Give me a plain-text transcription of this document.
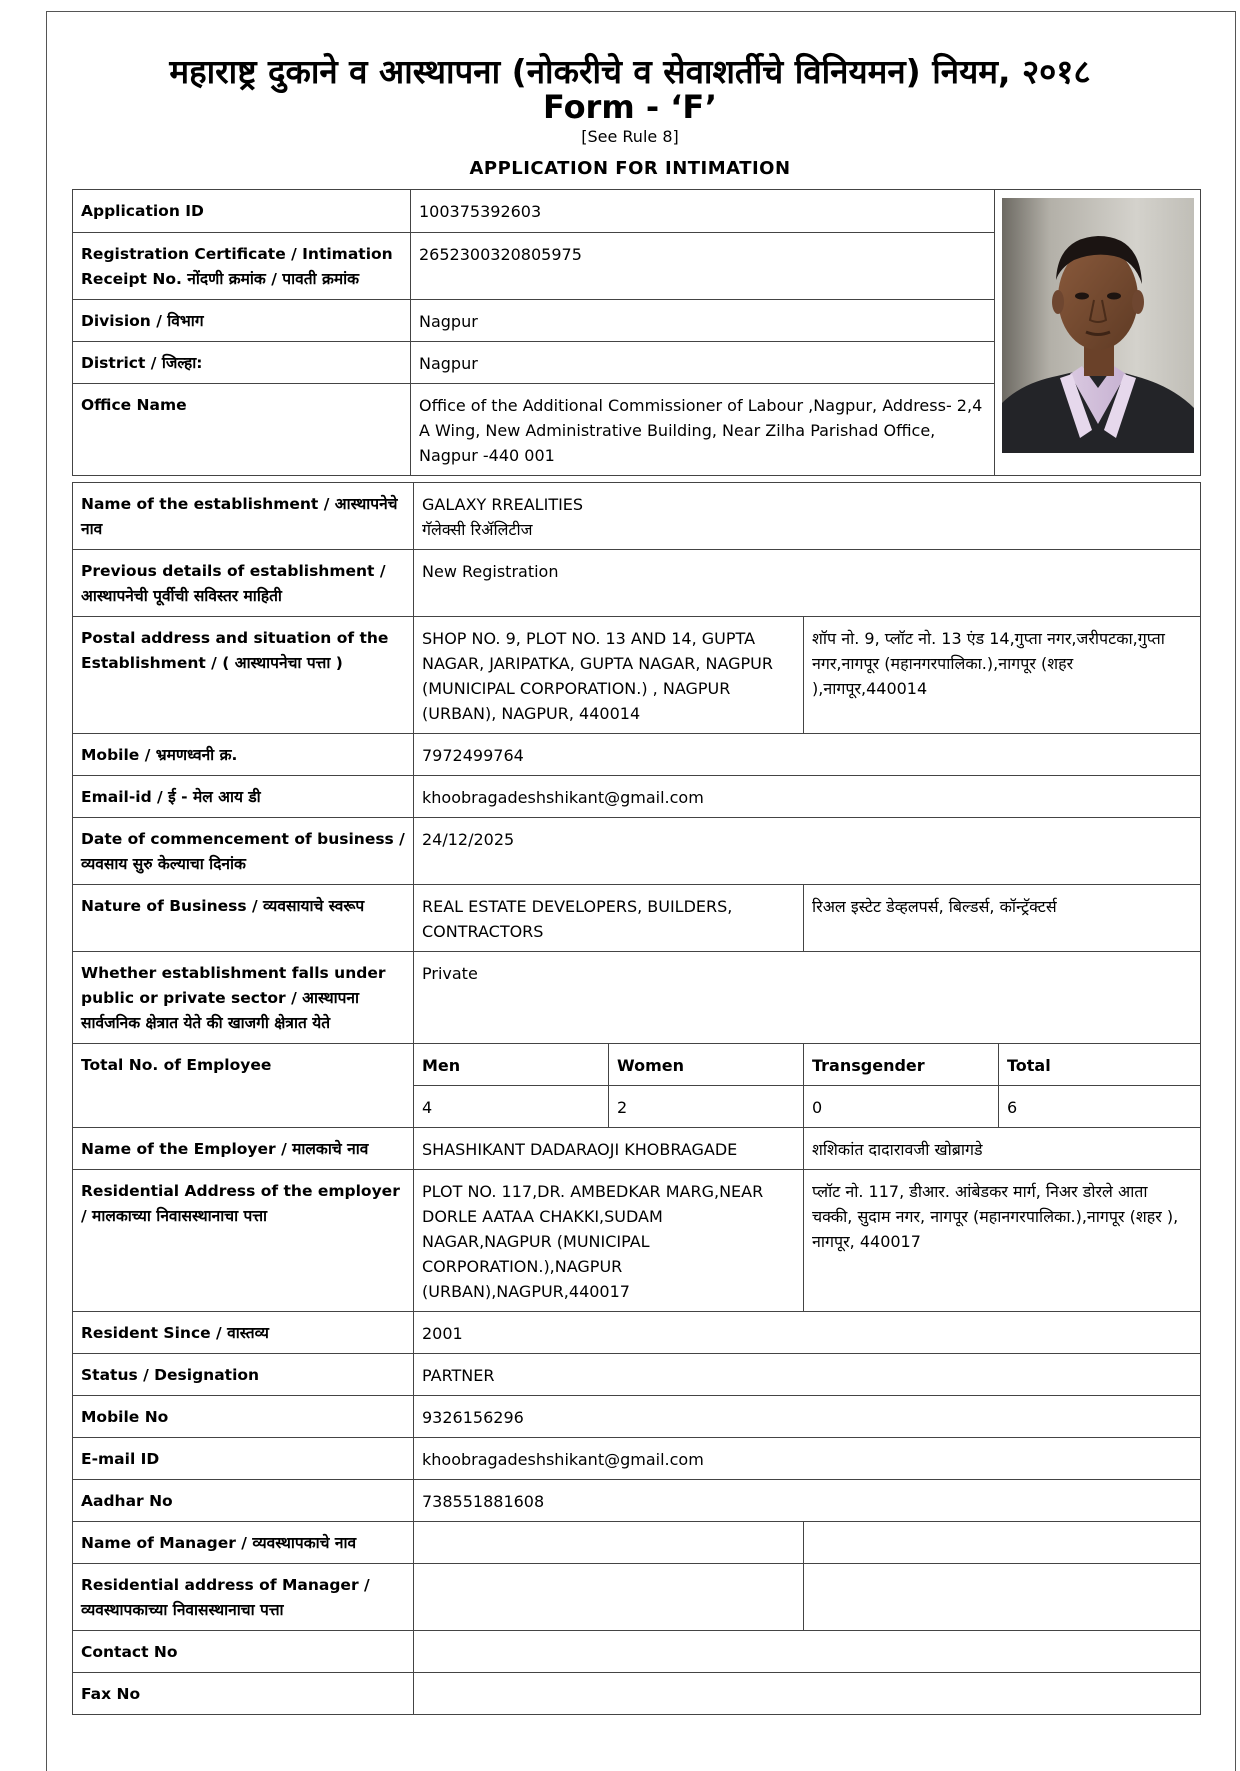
महाराष्ट्र दुकाने व आस्थापना (नोकरीचे व सेवाशर्तीचे विनियमन) नियम, २०१८
Form - ‘F’
[See Rule 8]
APPLICATION FOR INTIMATION
Application ID	100375392603	

Registration Certificate / Intimation Receipt No. नोंदणी क्रमांक / पावती क्रमांक	2652300320805975	
Division / विभाग	Nagpur	
District / जिल्हा:	Nagpur	
Office Name	Office of the Additional Commissioner of Labour ,Nagpur, Address- 2,4 A Wing, New Administrative Building, Near Zilha Parishad Office, Nagpur -440 001	
Name of the establishment / आस्थापनेचे नाव	GALAXY RREALITIES
गॅलेक्सी रिॲलिटीज			

Previous details of establishment / आस्थापनेची पूर्वीची सविस्तर माहिती	New Registration			
Postal address and situation of the Establishment / ( आस्थापनेचा पत्ता )	SHOP NO. 9, PLOT NO. 13 AND 14, GUPTA NAGAR, JARIPATKA, GUPTA NAGAR, NAGPUR (MUNICIPAL CORPORATION.) , NAGPUR (URBAN), NAGPUR, 440014		शॉप नो. 9, प्लॉट नो. 13 एंड 14,गुप्ता नगर,जरीपटका,गुप्ता नगर,नागपूर (महानगरपालिका.),नागपूर (शहर ),नागपूर,440014	
Mobile / भ्रमणध्वनी क्र.	7972499764			
Email-id / ई - मेल आय डी	khoobragadeshshikant@gmail.com			
Date of commencement of business / व्यवसाय सुरु केल्याचा दिनांक	24/12/2025			
Nature of Business / व्यवसायाचे स्वरूप	REAL ESTATE DEVELOPERS, BUILDERS, CONTRACTORS		रिअल इस्टेट डेव्हलपर्स, बिल्डर्स, कॉन्ट्रॅक्टर्स	
Whether establishment falls under public or private sector / आस्थापना सार्वजनिक क्षेत्रात येते की खाजगी क्षेत्रात येते	Private			
Total No. of Employee	Men	Women	Transgender	Total
	4	2	0	6
Name of the Employer / मालकाचे नाव	SHASHIKANT DADARAOJI KHOBRAGADE		शशिकांत दादारावजी खोब्रागडे	
Residential Address of the employer / मालकाच्या निवासस्थानाचा पत्ता	PLOT NO. 117,DR. AMBEDKAR MARG,NEAR DORLE AATAA CHAKKI,SUDAM NAGAR,NAGPUR (MUNICIPAL CORPORATION.),NAGPUR (URBAN),NAGPUR,440017		प्लॉट नो. 117, डीआर. आंबेडकर मार्ग, निअर डोरले आता चक्की, सुदाम नगर, नागपूर (महानगरपालिका.),नागपूर (शहर ), नागपूर, 440017	
Resident Since / वास्तव्य	2001			
Status / Designation	PARTNER			
Mobile No	9326156296			
E-mail ID	khoobragadeshshikant@gmail.com			
Aadhar No	738551881608			
Name of Manager / व्यवस्थापकाचे नाव				
Residential address of Manager / व्यवस्थापकाच्या निवासस्थानाचा पत्ता				
Contact No				
Fax No				
